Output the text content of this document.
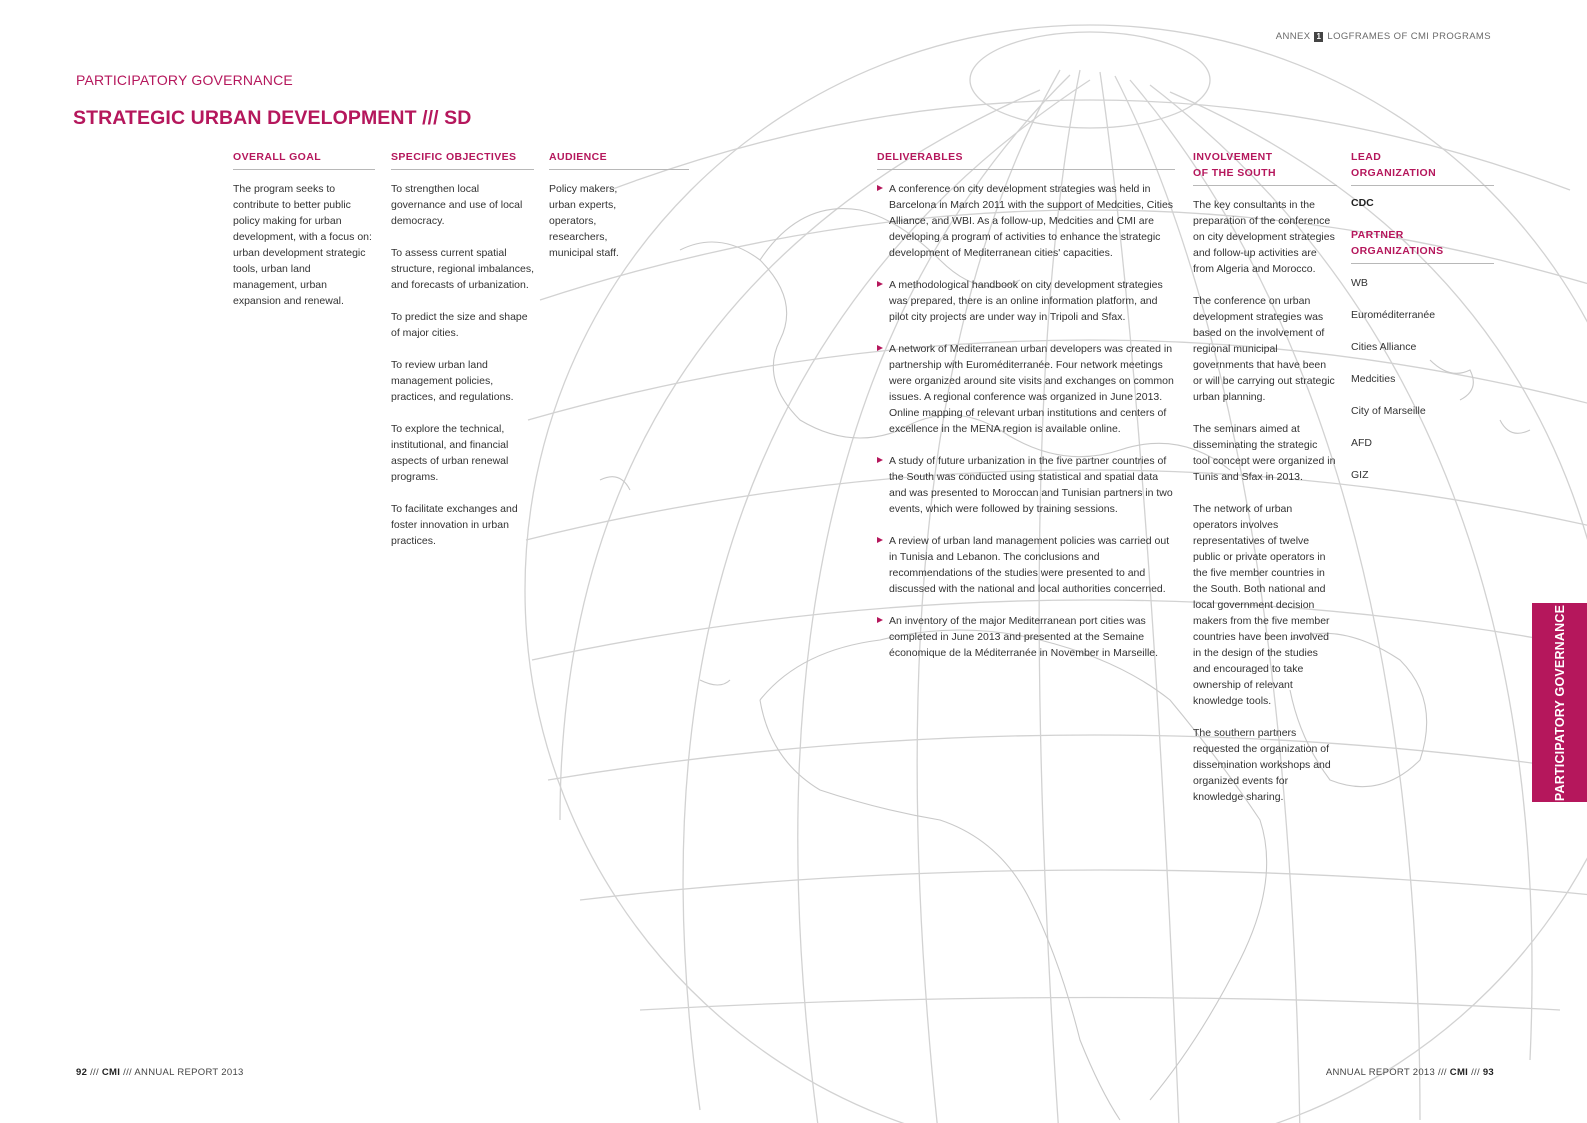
ANNEX 1 LOGFRAMES OF CMI PROGRAMS
PARTICIPATORY GOVERNANCE
STRATEGIC URBAN DEVELOPMENT /// SD
OVERALL GOAL
The program seeks to contribute to better public policy making for urban development, with a focus on: urban development strategic tools, urban land management, urban expansion and renewal.
SPECIFIC OBJECTIVES

To strengthen local governance and use of local democracy.

To assess current spatial structure, regional imbalances, and forecasts of urbanization.

To predict the size and shape of major cities.

To review urban land management policies, practices, and regulations.

To explore the technical, institutional, and financial aspects of urban renewal programs.

To facilitate exchanges and foster innovation in urban practices.

AUDIENCE
Policy makers, urban experts, operators, researchers, municipal staff.
DELIVERABLES
A conference on city development strategies was held in Barcelona in March 2011 with the support of Medcities, Cities Alliance, and WBI. As a follow-up, Medcities and CMI are developing a program of activities to enhance the strategic development of Mediterranean cities' capacities.
A methodological handbook on city development strategies was prepared, there is an online information platform, and pilot city projects are under way in Tripoli and Sfax.
A network of Mediterranean urban developers was created in partnership with Euroméditerranée. Four network meetings were organized around site visits and exchanges on common issues. A regional conference was organized in June 2013. Online mapping of relevant urban institutions and centers of excellence in the MENA region is available online.
A study of future urbanization in the five partner countries of the South was conducted using statistical and spatial data and was presented to Moroccan and Tunisian partners in two events, which were followed by training sessions.
A review of urban land management policies was carried out in Tunisia and Lebanon. The conclusions and recommendations of the studies were presented to and discussed with the national and local authorities concerned.
An inventory of the major Mediterranean port cities was completed in June 2013 and presented at the Semaine économique de la Méditerranée in November in Marseille.
INVOLVEMENT
OF THE SOUTH

The key consultants in the preparation of the conference on city development strategies and follow-up activities are from Algeria and Morocco.

The conference on urban development strategies was based on the involvement of regional municipal governments that have been or will be carrying out strategic urban planning.

The seminars aimed at disseminating the strategic tool concept were organized in Tunis and Sfax in 2013.

The network of urban operators involves representatives of twelve public or private operators in the five member countries in the South. Both national and local government decision makers from the five member countries have been involved in the design of the studies and encouraged to take ownership of relevant knowledge tools.

The southern partners requested the organization of dissemination workshops and organized events for knowledge sharing.

LEAD
ORGANIZATION
CDC
PARTNER
ORGANIZATIONS
WB
Euroméditerranée
Cities Alliance
Medcities
City of Marseille
AFD
GIZ
PARTICIPATORY GOVERNANCE
92 /// CMI /// ANNUAL REPORT 2013	ANNUAL REPORT 2013 /// CMI /// 93
